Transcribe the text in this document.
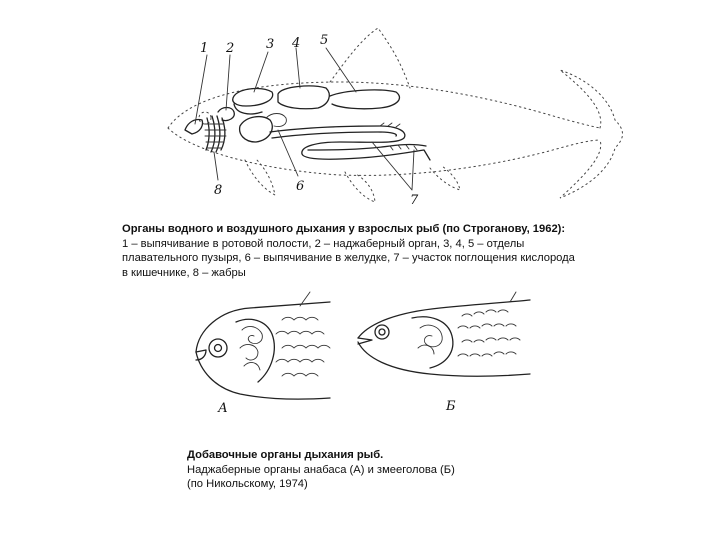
1 2 3 4 5
6
7
8
Органы водного и воздушного дыхания у взрослых рыб (по Строганову, 1962):
1 – выпячивание в ротовой полости, 2 – наджаберный орган, 3, 4, 5 – отделы
плавательного пузыря, 6 – выпячивание в желудке, 7 – участок поглощения кислорода
в кишечнике, 8 – жабры
А	Б
Добавочные органы дыхания рыб.
Наджаберные органы анабаса (А) и змееголова (Б)
(по Никольскому, 1974)
